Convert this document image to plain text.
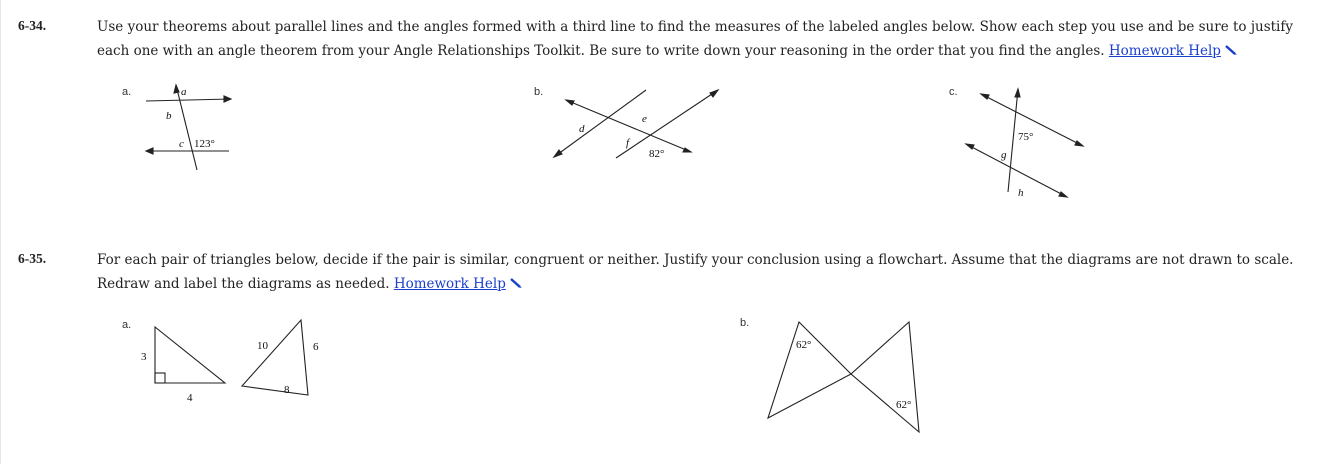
6-34.	Use your theorems about parallel lines and the angles formed with a third line to find the measures of the labeled angles below. Show each step you use and be sure to justify each one with an angle theorem from your Angle Relationships Toolkit. Be sure to write down your reasoning in the order that you find the angles. Homework Help
a.	a
b
c 123°
b.
d
e
f
82°
c.
75°
g
h
6-35.	For each pair of triangles below, decide if the pair is similar, congruent or neither. Justify your conclusion using a flowchart. Assume that the diagrams are not drawn to scale. Redraw and label the diagrams as needed. Homework Help
a.
3
4
10	6
8
b.
62°
62°
